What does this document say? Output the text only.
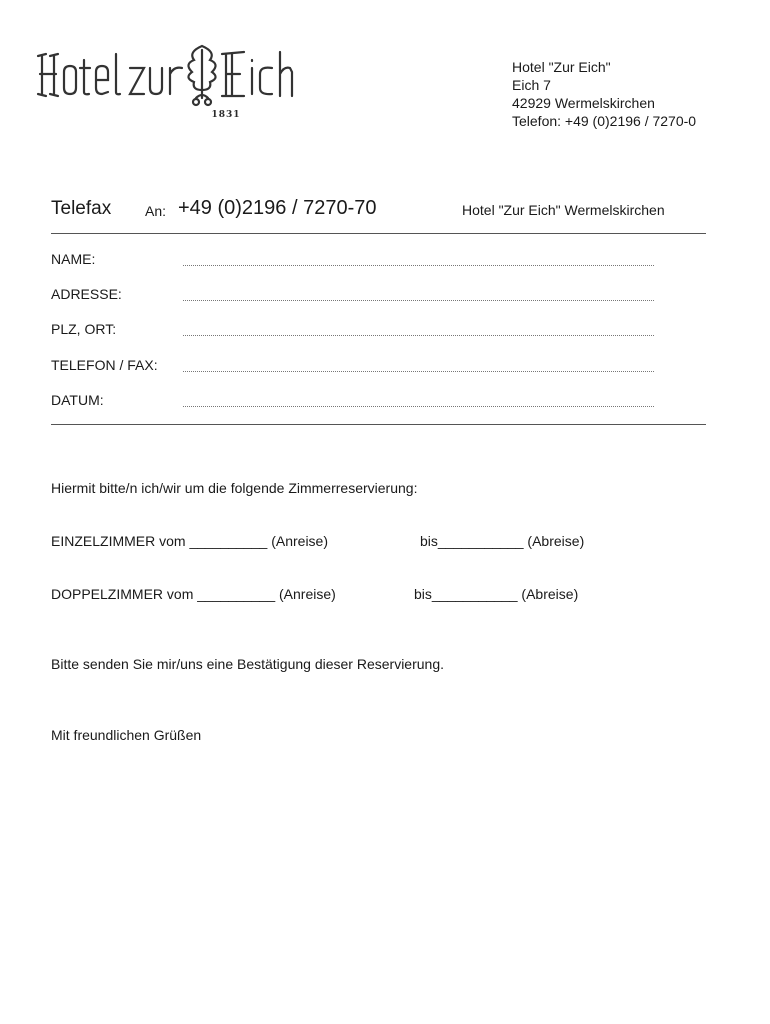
1831
Hotel "Zur Eich"
Eich 7
42929 Wermelskirchen
Telefon: +49 (0)2196 / 7270-0
Telefax An: +49 (0)2196 / 7270-70	Hotel "Zur Eich" Wermelskirchen
NAME:
ADRESSE:
PLZ, ORT:
TELEFON / FAX:
DATUM:
Hiermit bitte/n ich/wir um die folgende Zimmerreservierung:
EINZELZIMMER vom __________ (Anreise)	bis___________ (Abreise)
DOPPELZIMMER vom __________ (Anreise)	bis___________ (Abreise)
Bitte senden Sie mir/uns eine Bestätigung dieser Reservierung.
Mit freundlichen Grüßen
